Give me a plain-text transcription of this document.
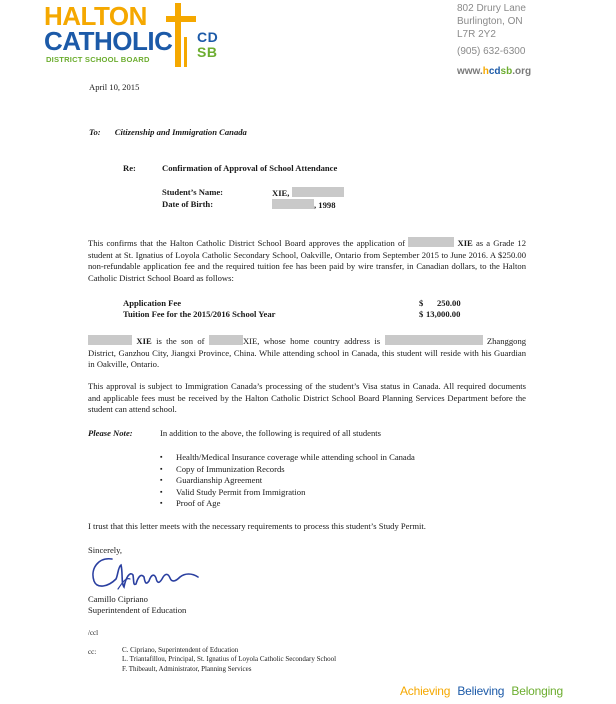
HALTON
CATHOLIC
DISTRICT SCHOOL BOARD
CD
SB
802 Drury Lane
Burlington, ON
L7R 2Y2
(905) 632-6300
www.hcdsb.org
April 10, 2015
To: Citizenship and Immigration Canada
Re:	Confirmation of Approval of School Attendance
Student’s Name:	XIE,
Date of Birth:	, 1998
This confirms that the Halton Catholic District School Board approves the application of	XIE as a Grade 12 student at St. Ignatius of Loyola Catholic Secondary School, Oakville, Ontario from September 2015 to June 2016. A $250.00 non-refundable application fee and the required tuition fee has been paid by wire transfer, in Canadian dollars, to the Halton Catholic District School Board as follows:
Application Fee	$ 250.00
Tuition Fee for the 2015/2016 School Year	$ 13,000.00
XIE is the son of	XIE, whose home country address is	Zhanggong District, Ganzhou City, Jiangxi Province, China. While attending school in Canada, this student will reside with his Guardian in Oakville, Ontario.
This approval is subject to Immigration Canada’s processing of the student’s Visa status in Canada. All required documents and applicable fees must be received by the Halton Catholic District School Board Planning Services Department before the student can attend school.
Please Note:	In addition to the above, the following is required of all students
▪ Health/Medical Insurance coverage while attending school in Canada
▪ Copy of Immunization Records
▪ Guardianship Agreement
▪ Valid Study Permit from Immigration
▪ Proof of Age
I trust that this letter meets with the necessary requirements to process this student’s Study Permit.
Sincerely,
Camillo Cipriano
Superintendent of Education
/ccl
cc:	C. Cipriano, Superintendent of Education
L. Triantafillou, Principal, St. Ignatius of Loyola Catholic Secondary School
F. Thibeault, Administrator, Planning Services
Achieving Believing Belonging
